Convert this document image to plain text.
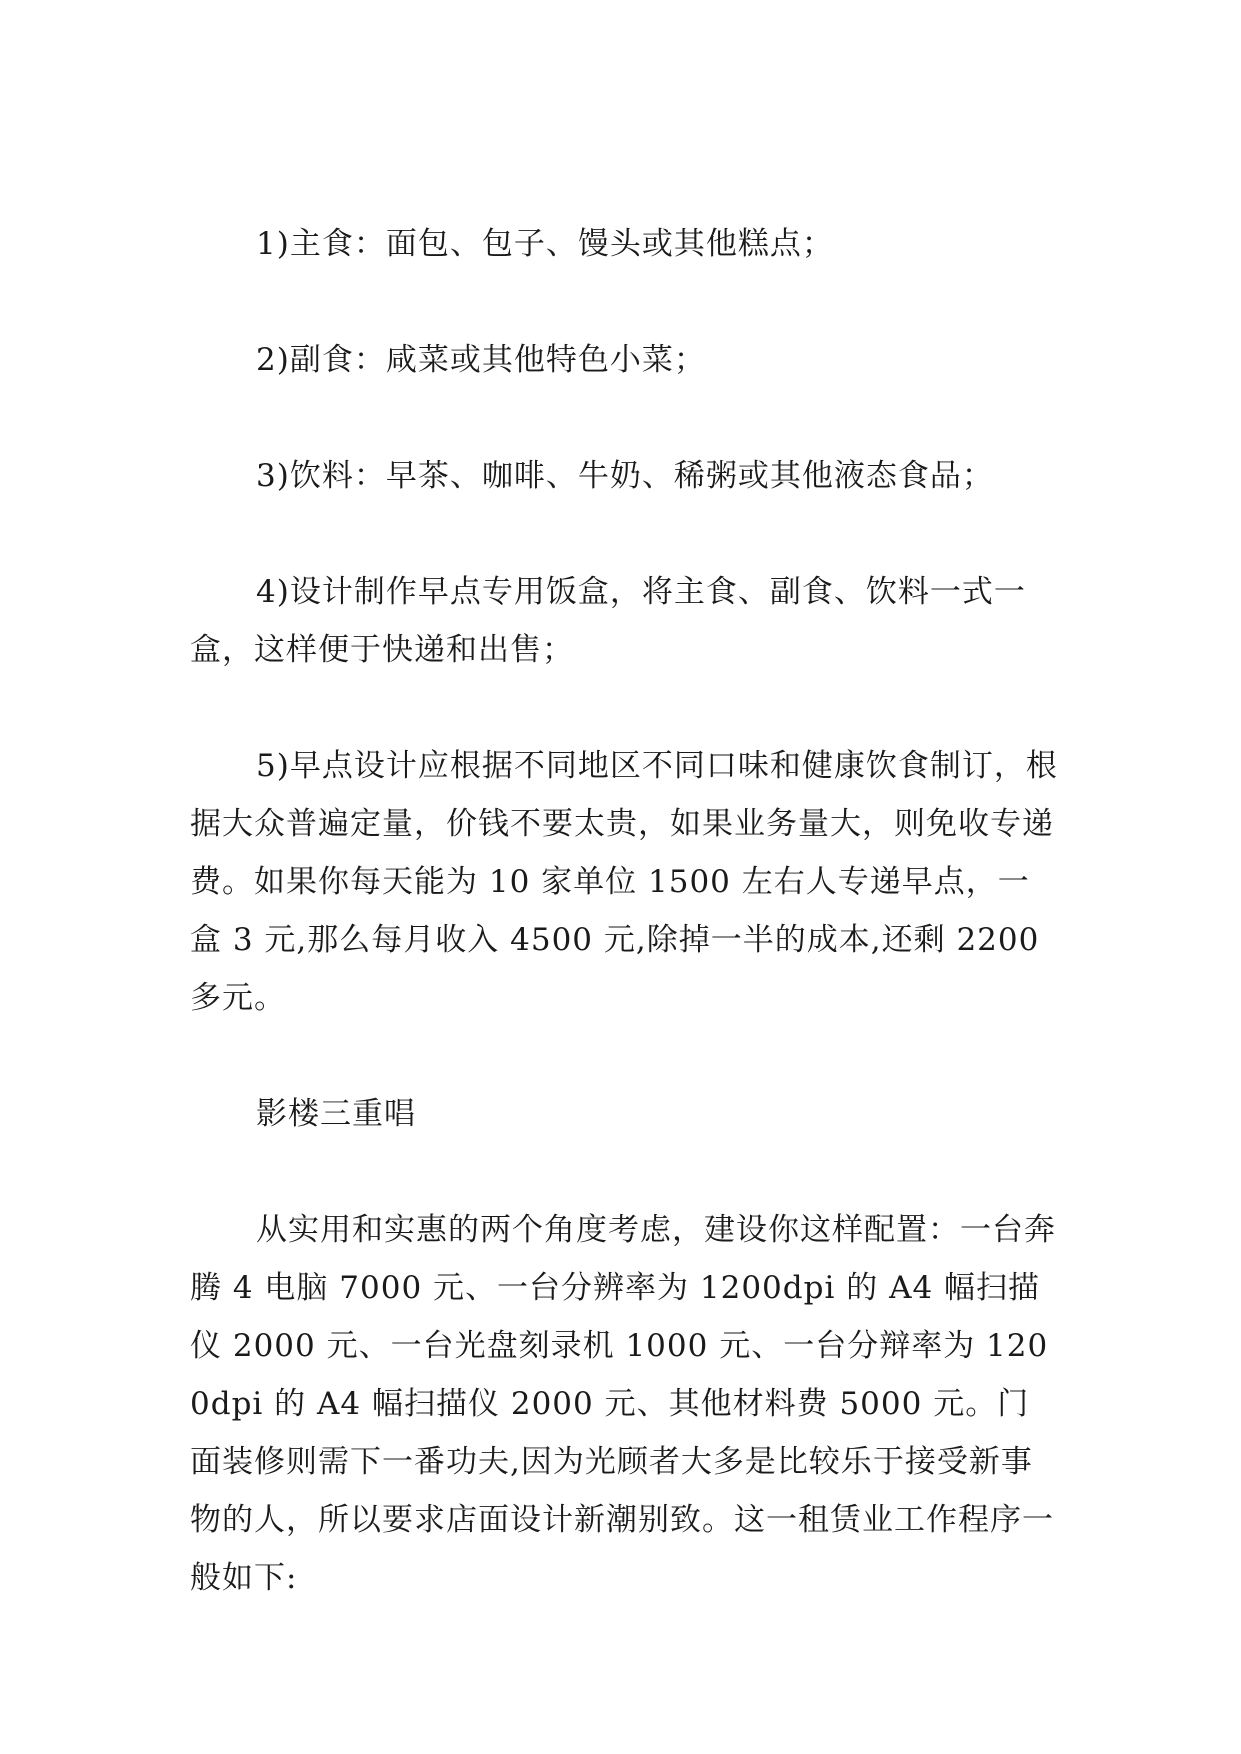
1)主食：面包、包子、馒头或其他糕点；

2)副食：咸菜或其他特色小菜；

3)饮料：早茶、咖啡、牛奶、稀粥或其他液态食品；

4)设计制作早点专用饭盒，将主食、副食、饮料一式一盒，这样便于快递和出售；

5)早点设计应根据不同地区不同口味和健康饮食制订，根据大众普遍定量，价钱不要太贵，如果业务量大，则免收专递费。如果你每天能为 10 家单位 1500 左右人专递早点，一盒 3 元,那么每月收入 4500 元,除掉一半的成本,还剩 2200 多元。

影楼三重唱

从实用和实惠的两个角度考虑，建设你这样配置：一台奔腾 4 电脑 7000 元、一台分辨率为 1200dpi 的 A4 幅扫描仪 2000 元、一台光盘刻录机 1000 元、一台分辩率为 1200dpi 的 A4 幅扫描仪 2000 元、其他材料费 5000 元。门面装修则需下一番功夫,因为光顾者大多是比较乐于接受新事物的人，所以要求店面设计新潮别致。这一租赁业工作程序一般如下:
